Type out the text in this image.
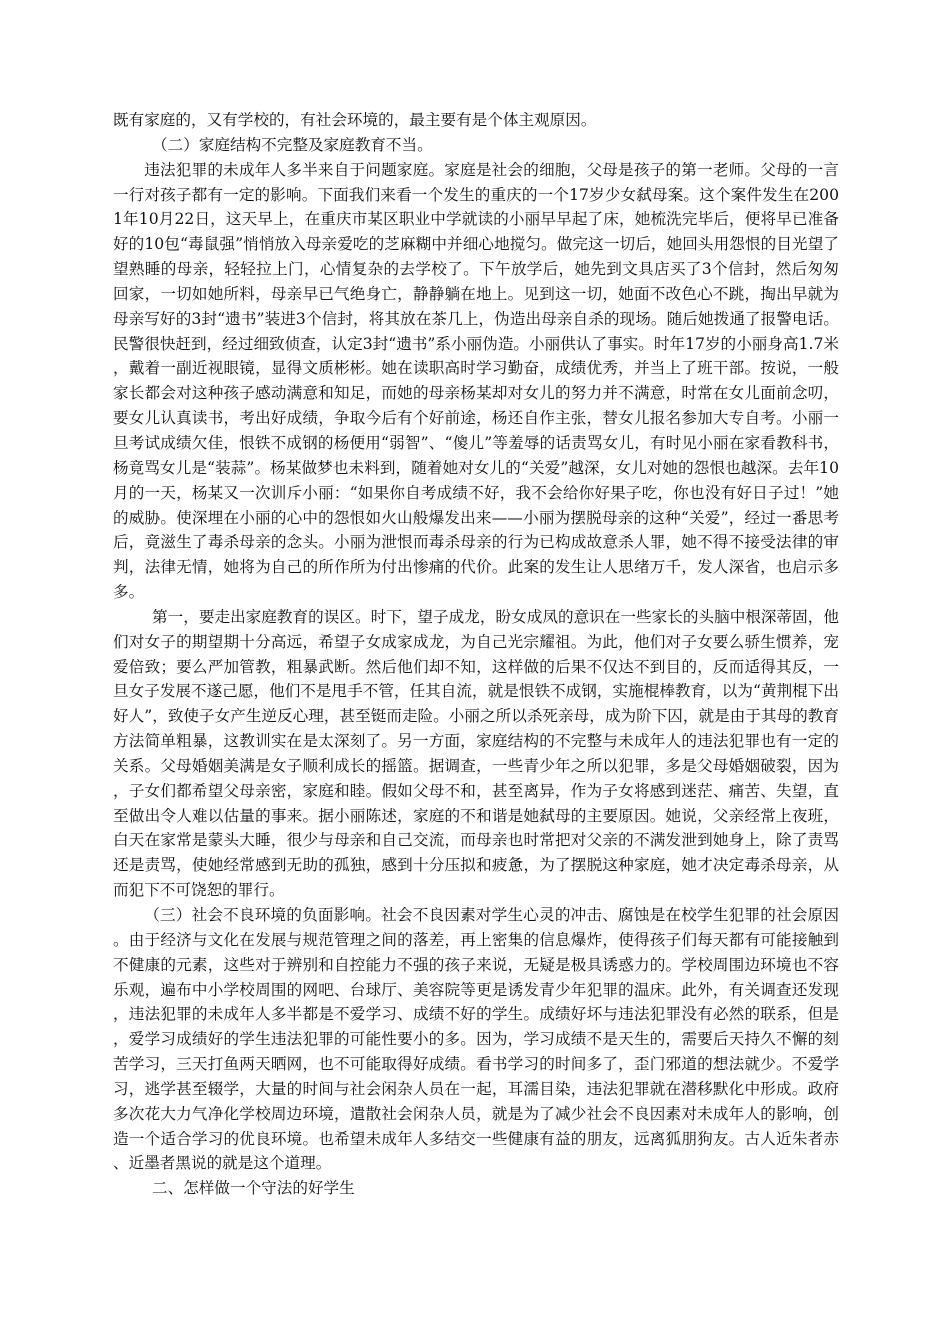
既有家庭的，又有学校的，有社会环境的，最主要有是个体主观原因。

（二）家庭结构不完整及家庭教育不当。

违法犯罪的未成年人多半来自于问题家庭。家庭是社会的细胞，父母是孩子的第一老师。父母的一言一行对孩子都有一定的影响。下面我们来看一个发生的重庆的一个17岁少女弑母案。这个案件发生在2001年10月22日，这天早上，在重庆市某区职业中学就读的小丽早早起了床，她梳洗完毕后，便将早已准备好的10包“毒鼠强”悄悄放入母亲爱吃的芝麻糊中并细心地搅匀。做完这一切后，她回头用怨恨的目光望了望熟睡的母亲，轻轻拉上门，心情复杂的去学校了。下午放学后，她先到文具店买了3个信封，然后匆匆回家，一切如她所料，母亲早已气绝身亡，静静躺在地上。见到这一切，她面不改色心不跳，掏出早就为母亲写好的3封“遗书”装进3个信封，将其放在茶几上，伪造出母亲自杀的现场。随后她拨通了报警电话。民警很快赶到，经过细致侦查，认定3封“遗书”系小丽伪造。小丽供认了事实。时年17岁的小丽身高1.7米，戴着一副近视眼镜，显得文质彬彬。她在读职高时学习勤奋，成绩优秀，并当上了班干部。按说，一般家长都会对这种孩子感动满意和知足，而她的母亲杨某却对女儿的努力并不满意，时常在女儿面前念叨，要女儿认真读书，考出好成绩，争取今后有个好前途，杨还自作主张，替女儿报名参加大专自考。小丽一旦考试成绩欠佳，恨铁不成钢的杨便用“弱智”、“傻儿”等羞辱的话责骂女儿，有时见小丽在家看教科书，杨竟骂女儿是“装蒜”。杨某做梦也未料到，随着她对女儿的“关爱”越深，女儿对她的怨恨也越深。去年10月的一天，杨某又一次训斥小丽：“如果你自考成绩不好，我不会给你好果子吃，你也没有好日子过！”她的威胁。使深埋在小丽的心中的怨恨如火山般爆发出来——小丽为摆脱母亲的这种“关爱”，经过一番思考后，竟滋生了毒杀母亲的念头。小丽为泄恨而毒杀母亲的行为已构成故意杀人罪，她不得不接受法律的审判，法律无情，她将为自己的所作所为付出惨痛的代价。此案的发生让人思绪万千，发人深省，也启示多多。

第一，要走出家庭教育的误区。时下，望子成龙，盼女成凤的意识在一些家长的头脑中根深蒂固，他们对女子的期望期十分高远，希望子女成家成龙，为自己光宗耀祖。为此，他们对子女要么骄生惯养，宠爱倍致；要么严加管教，粗暴武断。然后他们却不知，这样做的后果不仅达不到目的，反而适得其反，一旦女子发展不遂己愿，他们不是甩手不管，任其自流，就是恨铁不成钢，实施棍棒教育，以为“黄荆棍下出好人”，致使子女产生逆反心理，甚至铤而走险。小丽之所以杀死亲母，成为阶下囚，就是由于其母的教育方法简单粗暴，这教训实在是太深刻了。另一方面，家庭结构的不完整与未成年人的违法犯罪也有一定的关系。父母婚姻美满是女子顺利成长的摇篮。据调查，一些青少年之所以犯罪，多是父母婚姻破裂，因为，子女们都希望父母亲密，家庭和睦。假如父母不和，甚至离异，作为子女将感到迷茫、痛苦、失望，直至做出令人难以估量的事来。据小丽陈述，家庭的不和谐是她弑母的主要原因。她说，父亲经常上夜班，白天在家常是蒙头大睡，很少与母亲和自己交流，而母亲也时常把对父亲的不满发泄到她身上，除了责骂还是责骂，使她经常感到无助的孤独，感到十分压拟和疲惫，为了摆脱这种家庭，她才决定毒杀母亲，从而犯下不可饶恕的罪行。

（三）社会不良环境的负面影响。社会不良因素对学生心灵的冲击、腐蚀是在校学生犯罪的社会原因。由于经济与文化在发展与规范管理之间的落差，再上密集的信息爆炸，使得孩子们每天都有可能接触到不健康的元素，这些对于辨别和自控能力不强的孩子来说，无疑是极具诱惑力的。学校周围边环境也不容乐观，遍布中小学校周围的网吧、台球厅、美容院等更是诱发青少年犯罪的温床。此外，有关调查还发现，违法犯罪的未成年人多半都是不爱学习、成绩不好的学生。成绩好坏与违法犯罪没有必然的联系，但是，爱学习成绩好的学生违法犯罪的可能性要小的多。因为，学习成绩不是天生的，需要后天持久不懈的刻苦学习，三天打鱼两天晒网，也不可能取得好成绩。看书学习的时间多了，歪门邪道的想法就少。不爱学习，逃学甚至辍学，大量的时间与社会闲杂人员在一起，耳濡目染，违法犯罪就在潜移默化中形成。政府多次花大力气净化学校周边环境，遣散社会闲杂人员，就是为了减少社会不良因素对未成年人的影响，创造一个适合学习的优良环境。也希望未成年人多结交一些健康有益的朋友，远离狐朋狗友。古人近朱者赤、近墨者黑说的就是这个道理。

二、怎样做一个守法的好学生
